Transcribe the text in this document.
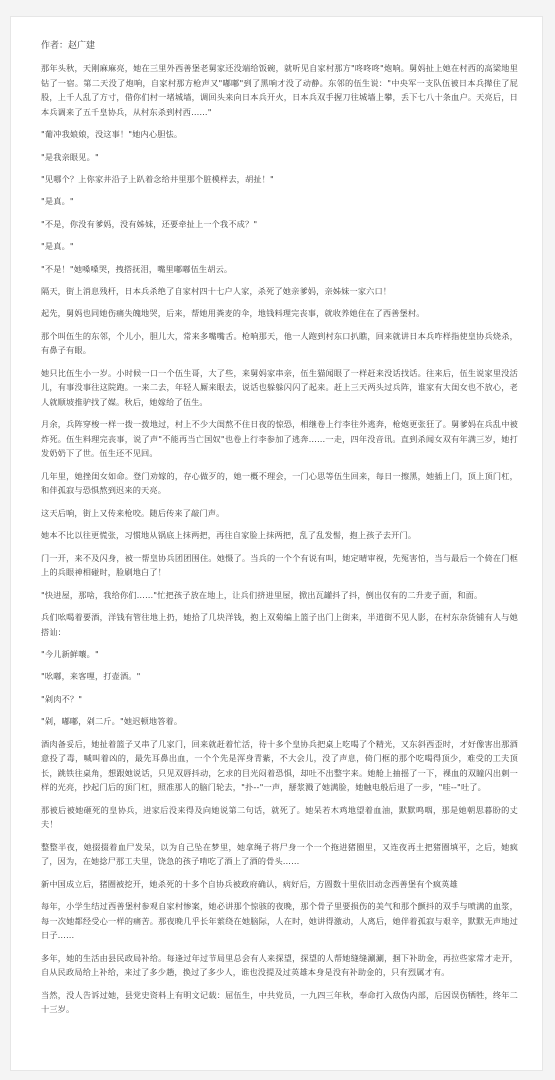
作者：赵广建

那年头秋，天刚麻麻亮，她在三里外西善堡老舅家还没端给饭碗，就听见自家村那方"咚咚咚"炮响。舅妈扯上她在村西的高梁地里钻了一宿。第二天没了炮响，自家村那方枪声又"嘟嘟"到了黑响才没了动静。东邻的伍生说："中央军一支队伍被日本兵撵住了屁股，上千人乱了方寸，借你们村一堵城墙，调回头来向日本兵开火，日本兵双手握刀往城墙上攀，丢下七八十条血户。天亮后，日本兵调来了五千皇协兵，从村东杀到村西……"

"葡冲我娘娘，没这事！"她内心胆怯。

"是我亲眼见。"

"见哪个？上你家井沿子上趴着念给井里那个脏模样去，胡扯！"

"是真。"

"不是，你没有爹妈，没有姊妹，还要牵扯上一个我不成？"

"是真。"

"不是！"她嗓嗓哭，拽搭抚泪，嘴里嘟嘟伍生胡云。

隔天，街上消息残杆，日本兵杀绝了自家村四十七户人家，杀死了她亲爹妈，亲姊妹一家六口！

起先，舅妈也同她伤痛失魄地哭，后来，帮她用粪麦的伞，地钱料理完丧事，就收养她住在了西善堡村。

那个叫伍生的东邻，个儿小，胆儿大，常来多嘴嘴舌。枪响那天，他一人跑到村东口扒瞧，回来就讲日本兵咋样指使皇协兵烧杀，有鼻子有眼。

她只比伍生小一岁。小时候一口一个伍生哥，大了些，来舅妈家串亲，伍生猫闻眼了一样赶来没话找话。往来后，伍生说家里没活儿，有事没事往这院跑。一来二去，年轻人厮来眼去，说话也躲躲闪闪了起来。赶上三天两头过兵阵，谁家有大闺女也不放心，老人就顺坡推驴找了媒。秋后，她嫁给了伍生。

月余，兵阵穿梭一样一拨一拨地过，村上不少大闺熬不住日夜的惊恐，相继卷上行李往外逃奔，枪炮更张狂了。舅爹妈在兵乱中被炸死。伍生料理完丧事，说了声"不能再当亡国奴"也卷上行李参加了逃奔……一走，四年没音讯。直到杀闻女双有年满三岁，她打发奶奶下了世。伍生还不见回。

几年里，她挫闺女如命。登门劝嫁的，存心做歹的，她一概不理会，一门心思等伍生回来，每日一擦黑，她插上门，顶上顶门杠，和伴孤寂与恐惧熬到迟来的天亮。

这天后响，街上又传来枪咬。随后传来了敲门声。

她本不比以往更慌张，习惯地从锅底上抹两把，再往自家脸上抹两把，乱了乱发髻，抱上孩子去开门。

门一开，来不及闪身，被一帮皇协兵团团围住。她慑了。当兵的一个个有说有叫，她定晴审视，先冤害怕，当与最后一个倚在门框上的兵眼神相碰时，脸刷地白了！

"快进屋，那啥，我给你们……"忙把孩子放在地上，让兵们挤进里屋，掀出瓦罐抖了抖，倒出仅有的二升麦子面，和面。

兵们吆喝着要酒，洋钱有管往地上扔，她拾了几块洋钱，抱上双菊编上篮子出门上街来，半道街不见人影，在村东杂货铺有人与她搭讪：

"今儿新鲜嚷。"

"吆嘟，来客哩，打壶酒。"

"剁肉不？"

"剁，嘟嘟，剁二斤。"她迟顿地答着。

酒肉备妥后，她扯着篮子又串了几家门，回来就赶着忙活，待十多个皇协兵把桌上吃喝了个精光，又东斜西歪时，才好像害出那酒意投了毒，喊叫着凶的，最先耳鼻出血，一个个先是浑身青紫，不大会儿，没了声息，倚门框的那个吃喝得顶少，难受的工夫顶长，跳铁往桌角，想跟她说话，只见双唇抖动，乞求的目光闷着恐惧，却吐不出整字来。她舱上抽摇了一下，裸血的双瞳闪出刺一样的光亮，抄起门后的顶门杠，照准那人的脑门轮去，"扑--"一声，掰浆溅了她满脸，她触电般后退了一步，"哇--"吐了。

那被后被她砸死的皇协兵，进家后没来得及向她说第二句话，就死了。她呆若木鸡地望着血油，默默鸣咽，那是她朝思暮盼的丈夫！

整整半夜，她掇掇着血尸发呆，以为自己坠在梦里，她拿绳子将尸身一个一个拖进猪圈里，又连夜再土把猪圈填平，之后，她疯了，因为，在她捻尸那工夫里，饶急的孩子啃吃了酒上了酒的骨头……

新中国成立后，猪圈被挖开，她杀死的十多个自协兵被政府确认，病好后，方圆数十里依旧动念西善堡有个疯英雄

每年，小学生结过西善堡村参观自家村惨案，她必讲那个惊骇的夜晚，那个骨子里要损伤的美气和那个颤抖的双手与喷满的血浆，每一次她都经受心一样的痛苦。那夜晚几乎长年萦绕在她脑际，人在时，她讲得激动，人离后，她伴着孤寂与艰辛，默默无声地过日子……

多年，她的生活由县民政局补给。每逢过年过节局里总会有人来探望，探望的人帮她缝缝涮涮，掴下补助金，再拉些家常才走开，自从民政局给上补给，来过了多少趟，换过了多少人，谁也没提及过英雄本身是没有补助金的，只有烈属才有。

当然，没人告诉过她，县党史资料上有明文记载：屈伍生，中共党员，一九四三年秋，奉命打入敌伪内部，后因误伤牺牲，终年二十三岁。
